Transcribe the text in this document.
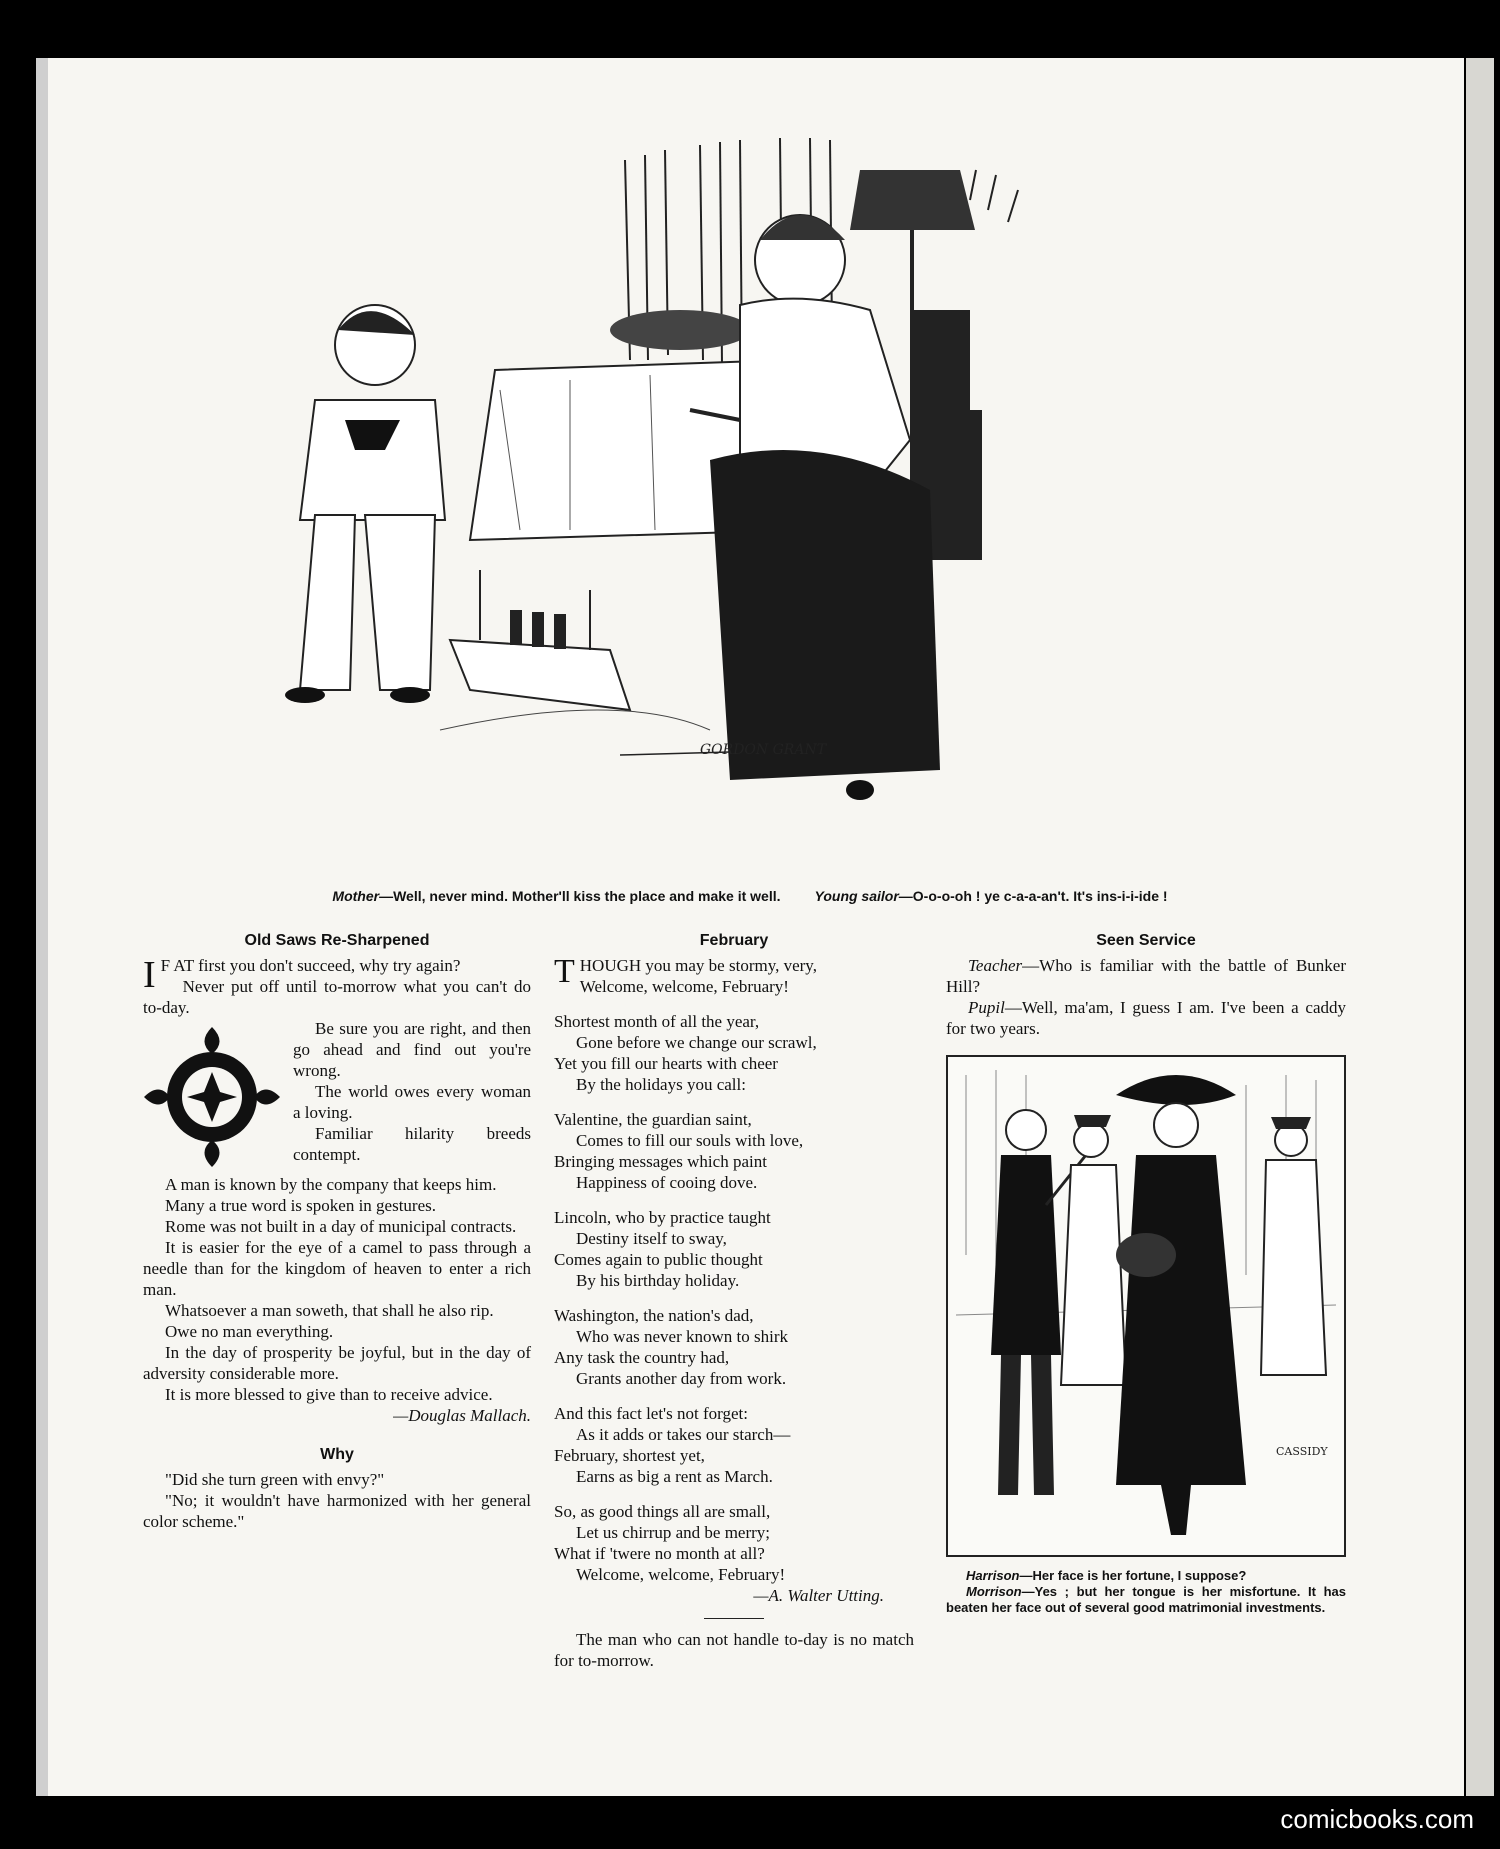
GORDON GRANT
Mother—Well, never mind. Mother'll kiss the place and make it well. Young sailor—O-o-o-oh ! ye c-a-a-an't. It's ins-i-i-ide !
Old Saws Re-Sharpened

I F AT first you don't succeed, why try again?

Never put off until to-morrow what you can't do to-day.

Be sure you are right, and then go ahead and find out you're wrong.

The world owes every woman a loving.

Familiar hilarity breeds contempt.

A man is known by the company that keeps him.

Many a true word is spoken in gestures.

Rome was not built in a day of municipal contracts.

It is easier for the eye of a camel to pass through a needle than for the kingdom of heaven to enter a rich man.

Whatsoever a man soweth, that shall he also rip.

Owe no man everything.

In the day of prosperity be joyful, but in the day of adversity considerable more.

It is more blessed to give than to receive advice.

—Douglas Mallach.
Why

"Did she turn green with envy?"

"No; it wouldn't have harmonized with her general color scheme."

February
THOUGH you may be stormy, very,
Welcome, welcome, February!
Shortest month of all the year,
Gone before we change our scrawl,
Yet you fill our hearts with cheer
By the holidays you call:
Valentine, the guardian saint,
Comes to fill our souls with love,
Bringing messages which paint
Happiness of cooing dove.
Lincoln, who by practice taught
Destiny itself to sway,
Comes again to public thought
By his birthday holiday.
Washington, the nation's dad,
Who was never known to shirk
Any task the country had,
Grants another day from work.
And this fact let's not forget:
As it adds or takes our starch—
February, shortest yet,
Earns as big a rent as March.
So, as good things all are small,
Let us chirrup and be merry;
What if 'twere no month at all?
Welcome, welcome, February!
—A. Walter Utting.

The man who can not handle to-day is no match for to-morrow.

Seen Service

Teacher—Who is familiar with the battle of Bunker Hill?

Pupil—Well, ma'am, I guess I am. I've been a caddy for two years.

CASSIDY

Harrison—Her face is her fortune, I suppose?

Morrison—Yes ; but her tongue is her misfortune. It has beaten her face out of several good matrimonial investments.

comicbooks.com
